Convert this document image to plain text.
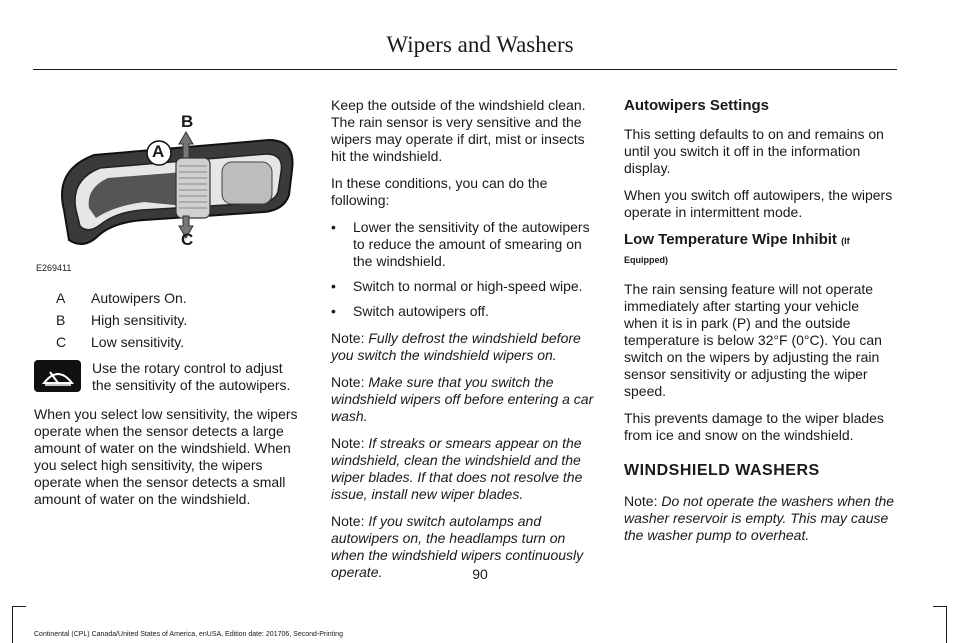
Wipers and Washers
A
B
C
E269411
A	Autowipers On.
B	High sensitivity.
C	Low sensitivity.
Use the rotary control to adjust the sensitivity of the autowipers.

When you select low sensitivity, the wipers operate when the sensor detects a large amount of water on the windshield. When you select high sensitivity, the wipers operate when the sensor detects a small amount of water on the windshield.

Keep the outside of the windshield clean. The rain sensor is very sensitive and the wipers may operate if dirt, mist or insects hit the windshield.

In these conditions, you can do the following:

• Lower the sensitivity of the autowipers to reduce the amount of smearing on the windshield.
• Switch to normal or high-speed wipe.
• Switch autowipers off.

Note: Fully defrost the windshield before you switch the windshield wipers on.

Note: Make sure that you switch the windshield wipers off before entering a car wash.

Note: If streaks or smears appear on the windshield, clean the windshield and the wiper blades. If that does not resolve the issue, install new wiper blades.

Note: If you switch autolamps and autowipers on, the headlamps turn on when the windshield wipers continuously operate.

Autowipers Settings

This setting defaults to on and remains on until you switch it off in the information display.

When you switch off autowipers, the wipers operate in intermittent mode.

Low Temperature Wipe Inhibit (If Equipped)

The rain sensing feature will not operate immediately after starting your vehicle when it is in park (P) and the outside temperature is below 32°F (0°C). You can switch on the wipers by adjusting the rain sensor sensitivity or adjusting the wiper speed.

This prevents damage to the wiper blades from ice and snow on the windshield.

WINDSHIELD WASHERS

Note: Do not operate the washers when the washer reservoir is empty. This may cause the washer pump to overheat.

90
Continental (CPL) Canada/United States of America, enUSA, Edition date: 201706, Second-Printing
